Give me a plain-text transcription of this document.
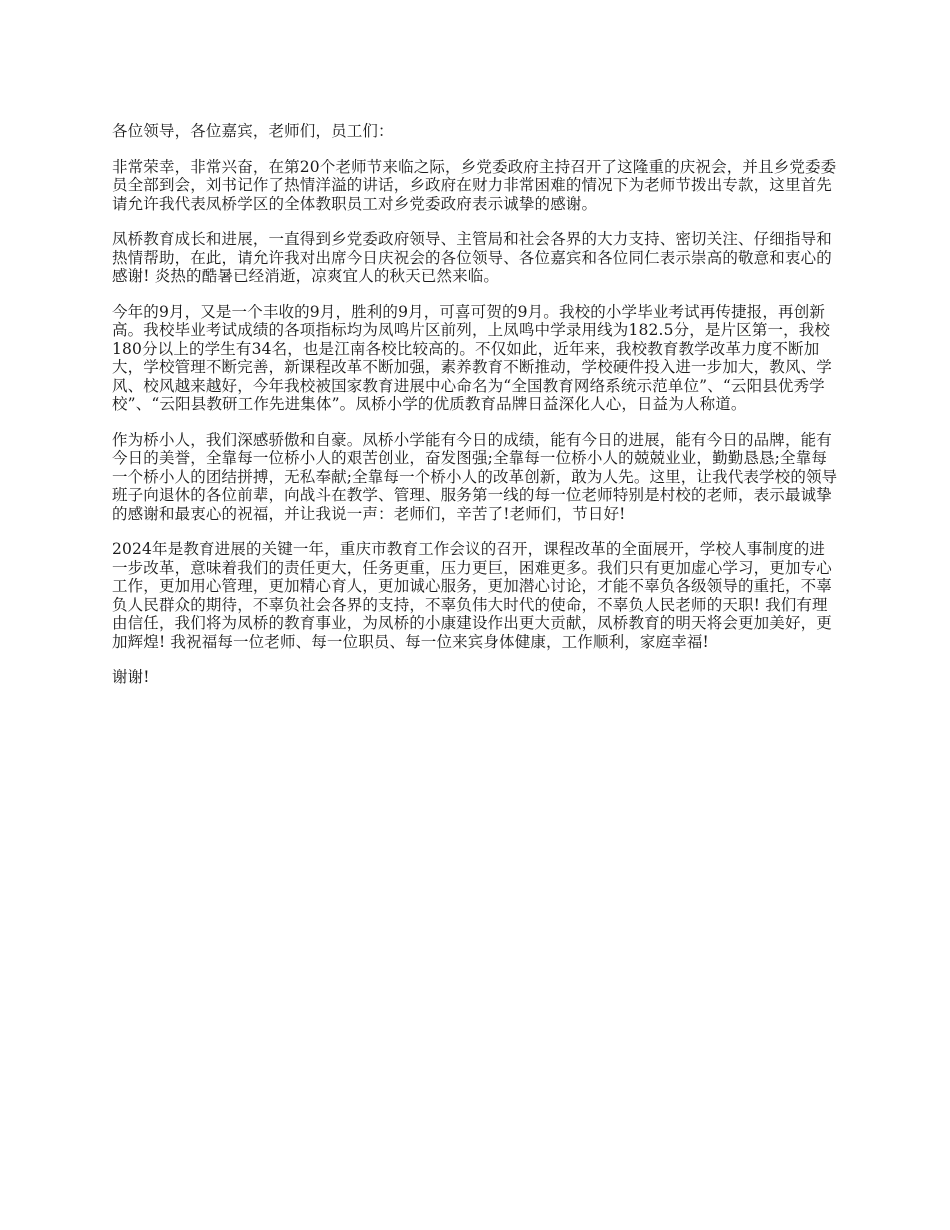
各位领导，各位嘉宾，老师们，员工们：

非常荣幸，非常兴奋，在第20个老师节来临之际，乡党委政府主持召开了这隆重的庆祝会，并且乡党委委员全部到会，刘书记作了热情洋溢的讲话，乡政府在财力非常困难的情况下为老师节拨出专款，这里首先请允许我代表凤桥学区的全体教职员工对乡党委政府表示诚挚的感谢。

凤桥教育成长和进展，一直得到乡党委政府领导、主管局和社会各界的大力支持、密切关注、仔细指导和热情帮助，在此，请允许我对出席今日庆祝会的各位领导、各位嘉宾和各位同仁表示崇高的敬意和衷心的感谢! 炎热的酷暑已经消逝，凉爽宜人的秋天已然来临。

今年的9月，又是一个丰收的9月，胜利的9月，可喜可贺的9月。我校的小学毕业考试再传捷报，再创新高。我校毕业考试成绩的各项指标均为凤鸣片区前列，上凤鸣中学录用线为182.5分，是片区第一，我校180分以上的学生有34名，也是江南各校比较高的。不仅如此，近年来，我校教育教学改革力度不断加大，学校管理不断完善，新课程改革不断加强，素养教育不断推动，学校硬件投入进一步加大，教风、学风、校风越来越好，今年我校被国家教育进展中心命名为“全国教育网络系统示范单位”、“云阳县优秀学校”、“云阳县教研工作先进集体”。凤桥小学的优质教育品牌日益深化人心，日益为人称道。

作为桥小人，我们深感骄傲和自豪。凤桥小学能有今日的成绩，能有今日的进展，能有今日的品牌，能有今日的美誉，全靠每一位桥小人的艰苦创业，奋发图强;全靠每一位桥小人的兢兢业业，勤勤恳恳;全靠每一个桥小人的团结拼搏，无私奉献;全靠每一个桥小人的改革创新，敢为人先。这里，让我代表学校的领导班子向退休的各位前辈，向战斗在教学、管理、服务第一线的每一位老师特别是村校的老师，表示最诚挚的感谢和最衷心的祝福，并让我说一声：老师们，辛苦了!老师们，节日好!

2024年是教育进展的关键一年，重庆市教育工作会议的召开，课程改革的全面展开，学校人事制度的进一步改革，意味着我们的责任更大，任务更重，压力更巨，困难更多。我们只有更加虚心学习，更加专心工作，更加用心管理，更加精心育人，更加诚心服务，更加潜心讨论，才能不辜负各级领导的重托，不辜负人民群众的期待，不辜负社会各界的支持，不辜负伟大时代的使命，不辜负人民老师的天职! 我们有理由信任，我们将为凤桥的教育事业，为凤桥的小康建设作出更大贡献，凤桥教育的明天将会更加美好，更加辉煌! 我祝福每一位老师、每一位职员、每一位来宾身体健康，工作顺利，家庭幸福!

谢谢!
